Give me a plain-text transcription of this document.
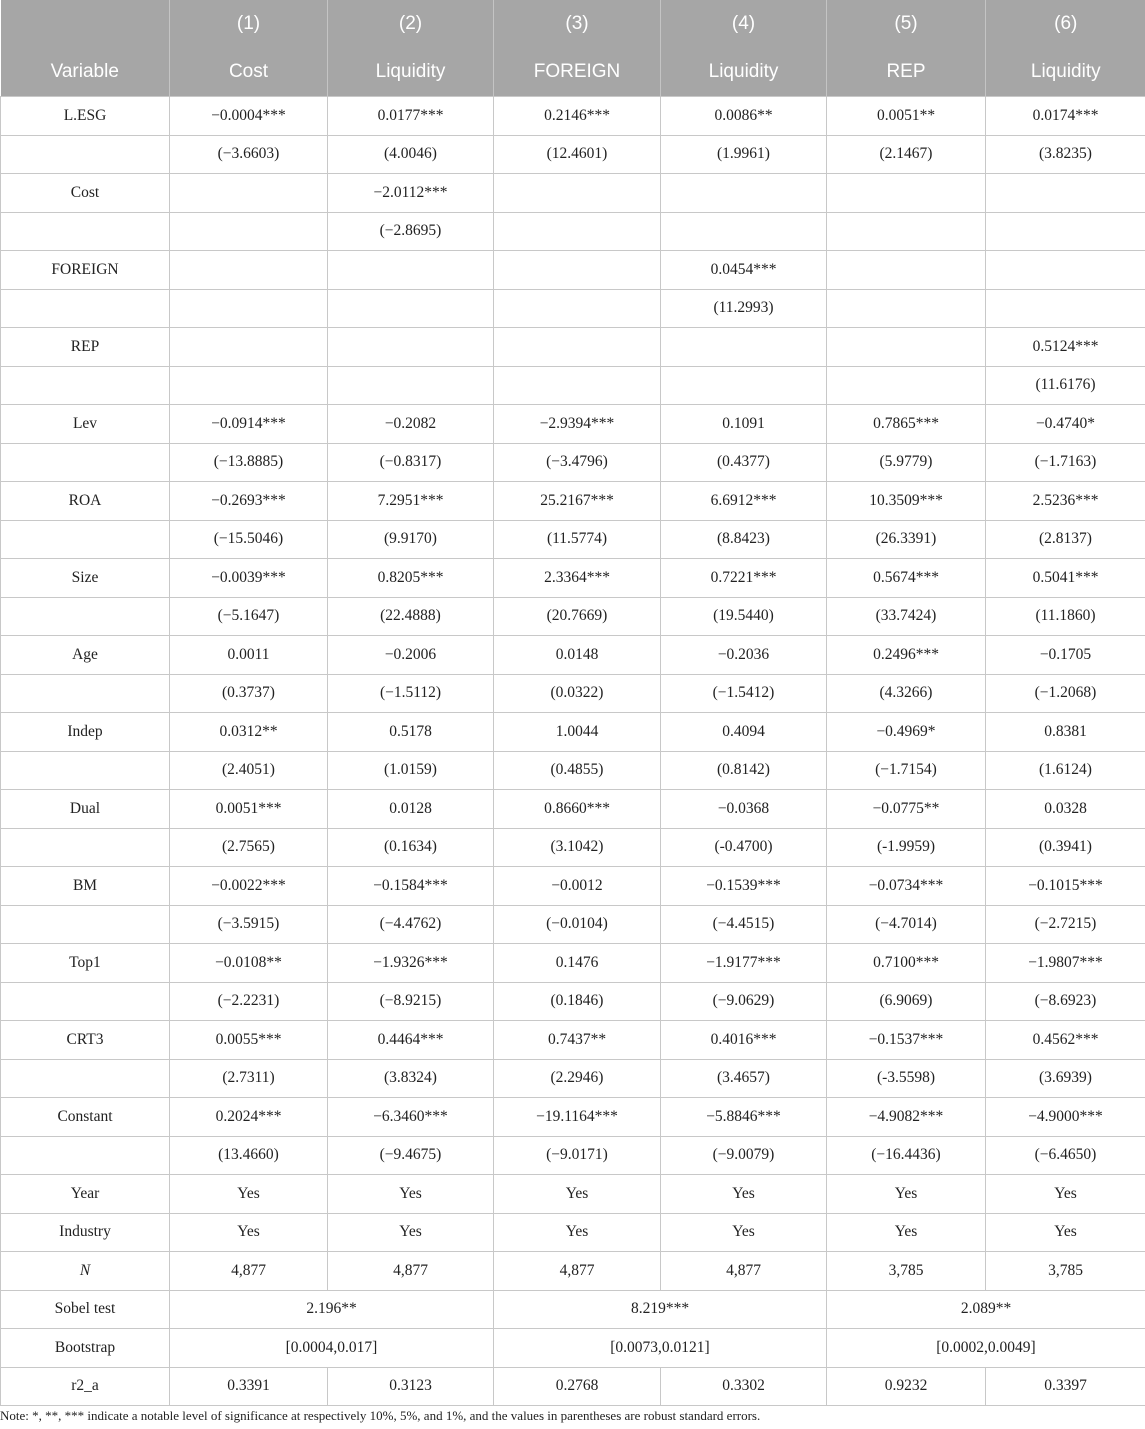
	(1)	(2)	(3)	(4)	(5)	(6)
Variable	Cost	Liquidity	FOREIGN	Liquidity	REP	Liquidity
L.ESG	−0.0004***	0.0177***	0.2146***	0.0086**	0.0051**	0.0174***
	(−3.6603)	(4.0046)	(12.4601)	(1.9961)	(2.1467)	(3.8235)
Cost		−2.0112***				
		(−2.8695)				
FOREIGN				0.0454***		
				(11.2993)		
REP						0.5124***
						(11.6176)
Lev	−0.0914***	−0.2082	−2.9394***	0.1091	0.7865***	−0.4740*
	(−13.8885)	(−0.8317)	(−3.4796)	(0.4377)	(5.9779)	(−1.7163)
ROA	−0.2693***	7.2951***	25.2167***	6.6912***	10.3509***	2.5236***
	(−15.5046)	(9.9170)	(11.5774)	(8.8423)	(26.3391)	(2.8137)
Size	−0.0039***	0.8205***	2.3364***	0.7221***	0.5674***	0.5041***
	(−5.1647)	(22.4888)	(20.7669)	(19.5440)	(33.7424)	(11.1860)
Age	0.0011	−0.2006	0.0148	−0.2036	0.2496***	−0.1705
	(0.3737)	(−1.5112)	(0.0322)	(−1.5412)	(4.3266)	(−1.2068)
Indep	0.0312**	0.5178	1.0044	0.4094	−0.4969*	0.8381
	(2.4051)	(1.0159)	(0.4855)	(0.8142)	(−1.7154)	(1.6124)
Dual	0.0051***	0.0128	0.8660***	−0.0368	−0.0775**	0.0328
	(2.7565)	(0.1634)	(3.1042)	(-0.4700)	(-1.9959)	(0.3941)
BM	−0.0022***	−0.1584***	−0.0012	−0.1539***	−0.0734***	−0.1015***
	(−3.5915)	(−4.4762)	(−0.0104)	(−4.4515)	(−4.7014)	(−2.7215)
Top1	−0.0108**	−1.9326***	0.1476	−1.9177***	0.7100***	−1.9807***
	(−2.2231)	(−8.9215)	(0.1846)	(−9.0629)	(6.9069)	(−8.6923)
CRT3	0.0055***	0.4464***	0.7437**	0.4016***	−0.1537***	0.4562***
	(2.7311)	(3.8324)	(2.2946)	(3.4657)	(-3.5598)	(3.6939)
Constant	0.2024***	−6.3460***	−19.1164***	−5.8846***	−4.9082***	−4.9000***
	(13.4660)	(−9.4675)	(−9.0171)	(−9.0079)	(−16.4436)	(−6.4650)
Year	Yes	Yes	Yes	Yes	Yes	Yes
Industry	Yes	Yes	Yes	Yes	Yes	Yes
N	4,877	4,877	4,877	4,877	3,785	3,785
Sobel test	2.196**		8.219***		2.089**	
Bootstrap	[0.0004,0.017]		[0.0073,0.0121]		[0.0002,0.0049]	
r2_a	0.3391	0.3123	0.2768	0.3302	0.9232	0.3397
Note: *, **, *** indicate a notable level of significance at respectively 10%, 5%, and 1%, and the values in parentheses are robust standard errors.
